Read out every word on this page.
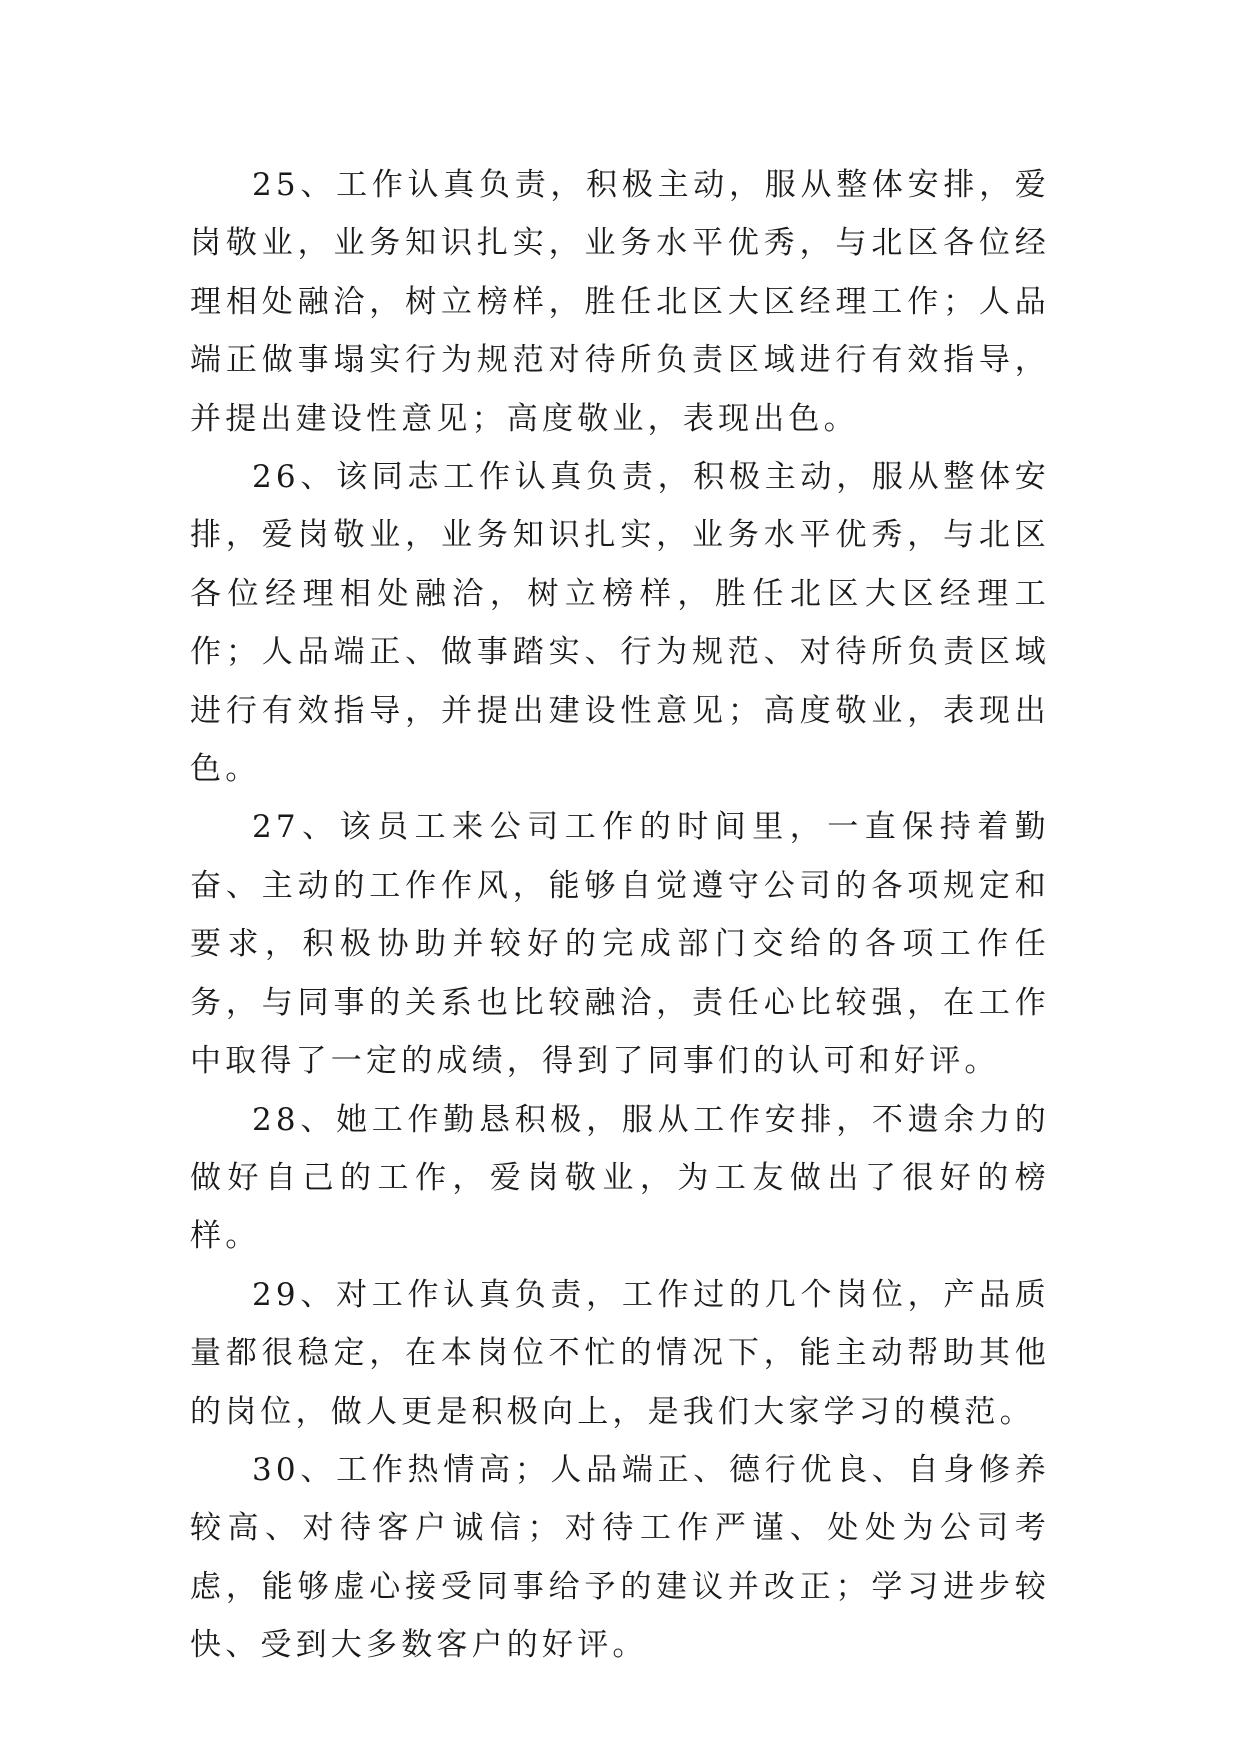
25、工作认真负责，积极主动，服从整体安排，爱岗敬业，业务知识扎实，业务水平优秀，与北区各位经理相处融洽，树立榜样，胜任北区大区经理工作；人品端正做事塌实行为规范对待所负责区域进行有效指导，并提出建设性意见；高度敬业，表现出色。

26、该同志工作认真负责，积极主动，服从整体安排，爱岗敬业，业务知识扎实，业务水平优秀，与北区各位经理相处融洽，树立榜样，胜任北区大区经理工作；人品端正、做事踏实、行为规范、对待所负责区域进行有效指导，并提出建设性意见；高度敬业，表现出色。

27、该员工来公司工作的时间里，一直保持着勤奋、主动的工作作风，能够自觉遵守公司的各项规定和要求，积极协助并较好的完成部门交给的各项工作任务，与同事的关系也比较融洽，责任心比较强，在工作中取得了一定的成绩，得到了同事们的认可和好评。

28、她工作勤恳积极，服从工作安排，不遗余力的做好自己的工作，爱岗敬业，为工友做出了很好的榜样。

29、对工作认真负责，工作过的几个岗位，产品质量都很稳定，在本岗位不忙的情况下，能主动帮助其他的岗位，做人更是积极向上，是我们大家学习的模范。

30、工作热情高；人品端正、德行优良、自身修养较高、对待客户诚信；对待工作严谨、处处为公司考虑，能够虚心接受同事给予的建议并改正；学习进步较快、受到大多数客户的好评。
